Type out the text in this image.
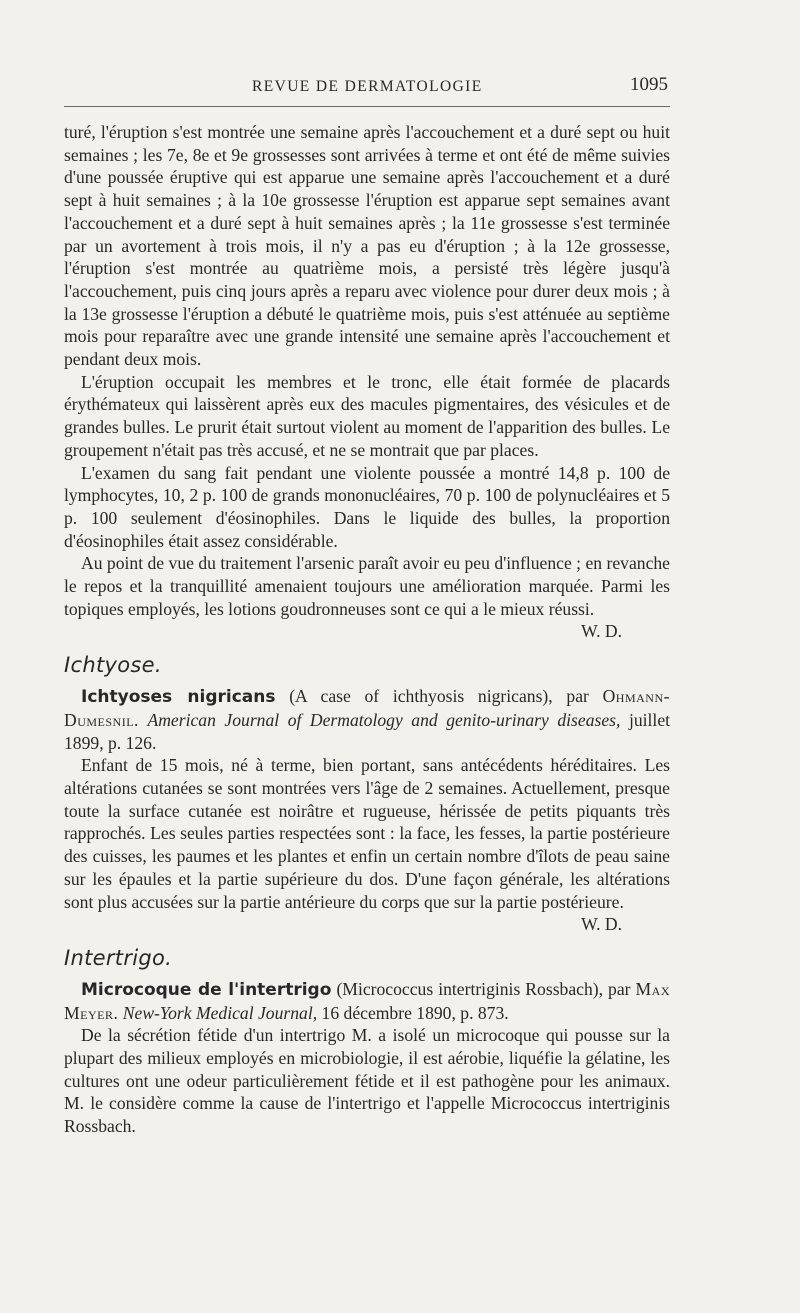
REVUE DE DERMATOLOGIE	1095

turé, l'éruption s'est montrée une semaine après l'accouchement et a duré sept ou huit semaines ; les 7e, 8e et 9e grossesses sont arrivées à terme et ont été de même suivies d'une poussée éruptive qui est apparue une semaine après l'accouchement et a duré sept à huit semaines ; à la 10e grossesse l'éruption est apparue sept semaines avant l'accouchement et a duré sept à huit semaines après ; la 11e grossesse s'est terminée par un avortement à trois mois, il n'y a pas eu d'éruption ; à la 12e grossesse, l'éruption s'est montrée au quatrième mois, a persisté très légère jusqu'à l'accouchement, puis cinq jours après a reparu avec violence pour durer deux mois ; à la 13e grossesse l'éruption a débuté le quatrième mois, puis s'est atténuée au septième mois pour reparaître avec une grande intensité une semaine après l'accouchement et pendant deux mois.

L'éruption occupait les membres et le tronc, elle était formée de placards érythémateux qui laissèrent après eux des macules pigmentaires, des vésicules et de grandes bulles. Le prurit était surtout violent au moment de l'apparition des bulles. Le groupement n'était pas très accusé, et ne se montrait que par places.

L'examen du sang fait pendant une violente poussée a montré 14,8 p. 100 de lymphocytes, 10, 2 p. 100 de grands mononucléaires, 70 p. 100 de polynucléaires et 5 p. 100 seulement d'éosinophiles. Dans le liquide des bulles, la proportion d'éosinophiles était assez considérable.

Au point de vue du traitement l'arsenic paraît avoir eu peu d'influence ; en revanche le repos et la tranquillité amenaient toujours une amélioration marquée. Parmi les topiques employés, les lotions goudronneuses sont ce qui a le mieux réussi.
W. D.

Ichtyose.

Ichtyoses nigricans (A case of ichthyosis nigricans), par Ohmann-Dumesnil. American Journal of Dermatology and genito-urinary diseases, juillet 1899, p. 126.

Enfant de 15 mois, né à terme, bien portant, sans antécédents héréditaires. Les altérations cutanées se sont montrées vers l'âge de 2 semaines. Actuellement, presque toute la surface cutanée est noirâtre et rugueuse, hérissée de petits piquants très rapprochés. Les seules parties respectées sont : la face, les fesses, la partie postérieure des cuisses, les paumes et les plantes et enfin un certain nombre d'îlots de peau saine sur les épaules et la partie supérieure du dos. D'une façon générale, les altérations sont plus accusées sur la partie antérieure du corps que sur la partie postérieure.
W. D.

Intertrigo.

Microcoque de l'intertrigo (Micrococcus intertriginis Rossbach), par Max Meyer. New-York Medical Journal, 16 décembre 1890, p. 873.

De la sécrétion fétide d'un intertrigo M. a isolé un microcoque qui pousse sur la plupart des milieux employés en microbiologie, il est aérobie, liquéfie la gélatine, les cultures ont une odeur particulièrement fétide et il est pathogène pour les animaux. M. le considère comme la cause de l'intertrigo et l'appelle Micrococcus intertriginis Rossbach.
